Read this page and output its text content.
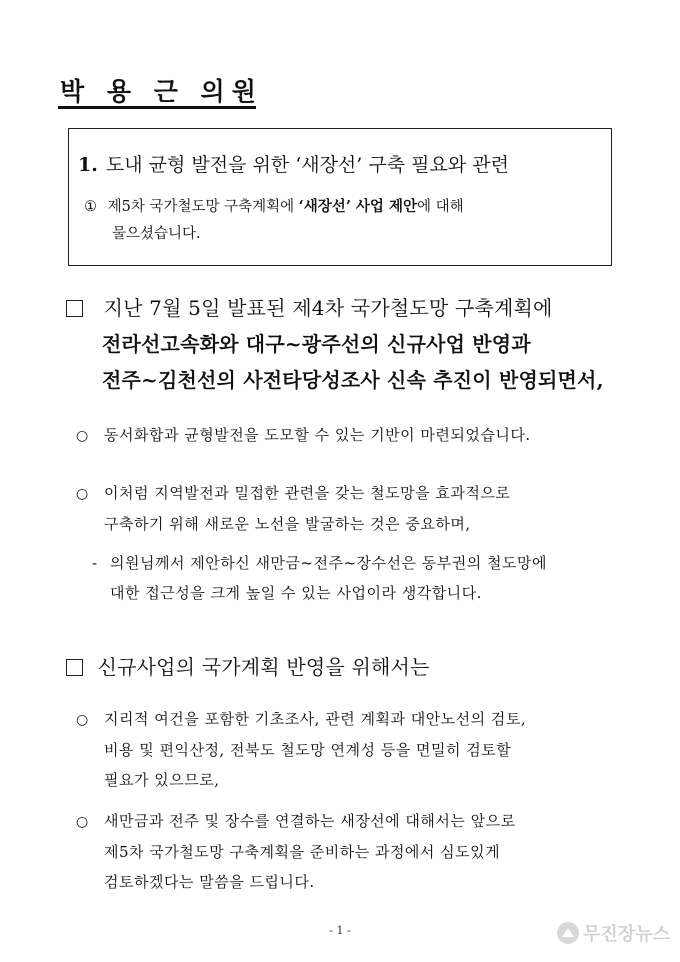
박 용 근 의원
1. 도내 균형 발전을 위한 ‘새장선’ 구축 필요와 관련
① 제5차 국가철도망 구축계획에 ‘새장선’ 사업 제안에 대해
물으셨습니다.
지난 7월 5일 발표된 제4차 국가철도망 구축계획에
전라선고속화와 대구~광주선의 신규사업 반영과
전주~김천선의 사전타당성조사 신속 추진이 반영되면서,
○ 동서화합과 균형발전을 도모할 수 있는 기반이 마련되었습니다.
○ 이처럼 지역발전과 밀접한 관련을 갖는 철도망을 효과적으로
구축하기 위해 새로운 노선을 발굴하는 것은 중요하며,
- 의원님께서 제안하신 새만금~전주~장수선은 동부권의 철도망에
대한 접근성을 크게 높일 수 있는 사업이라 생각합니다.
신규사업의 국가계획 반영을 위해서는
○ 지리적 여건을 포함한 기초조사, 관련 계획과 대안노선의 검토,
비용 및 편익산정, 전북도 철도망 연계성 등을 면밀히 검토할
필요가 있으므로,
○ 새만금과 전주 및 장수를 연결하는 새장선에 대해서는 앞으로
제5차 국가철도망 구축계획을 준비하는 과정에서 심도있게
검토하겠다는 말씀을 드립니다.
- 1 -	무진장뉴스
